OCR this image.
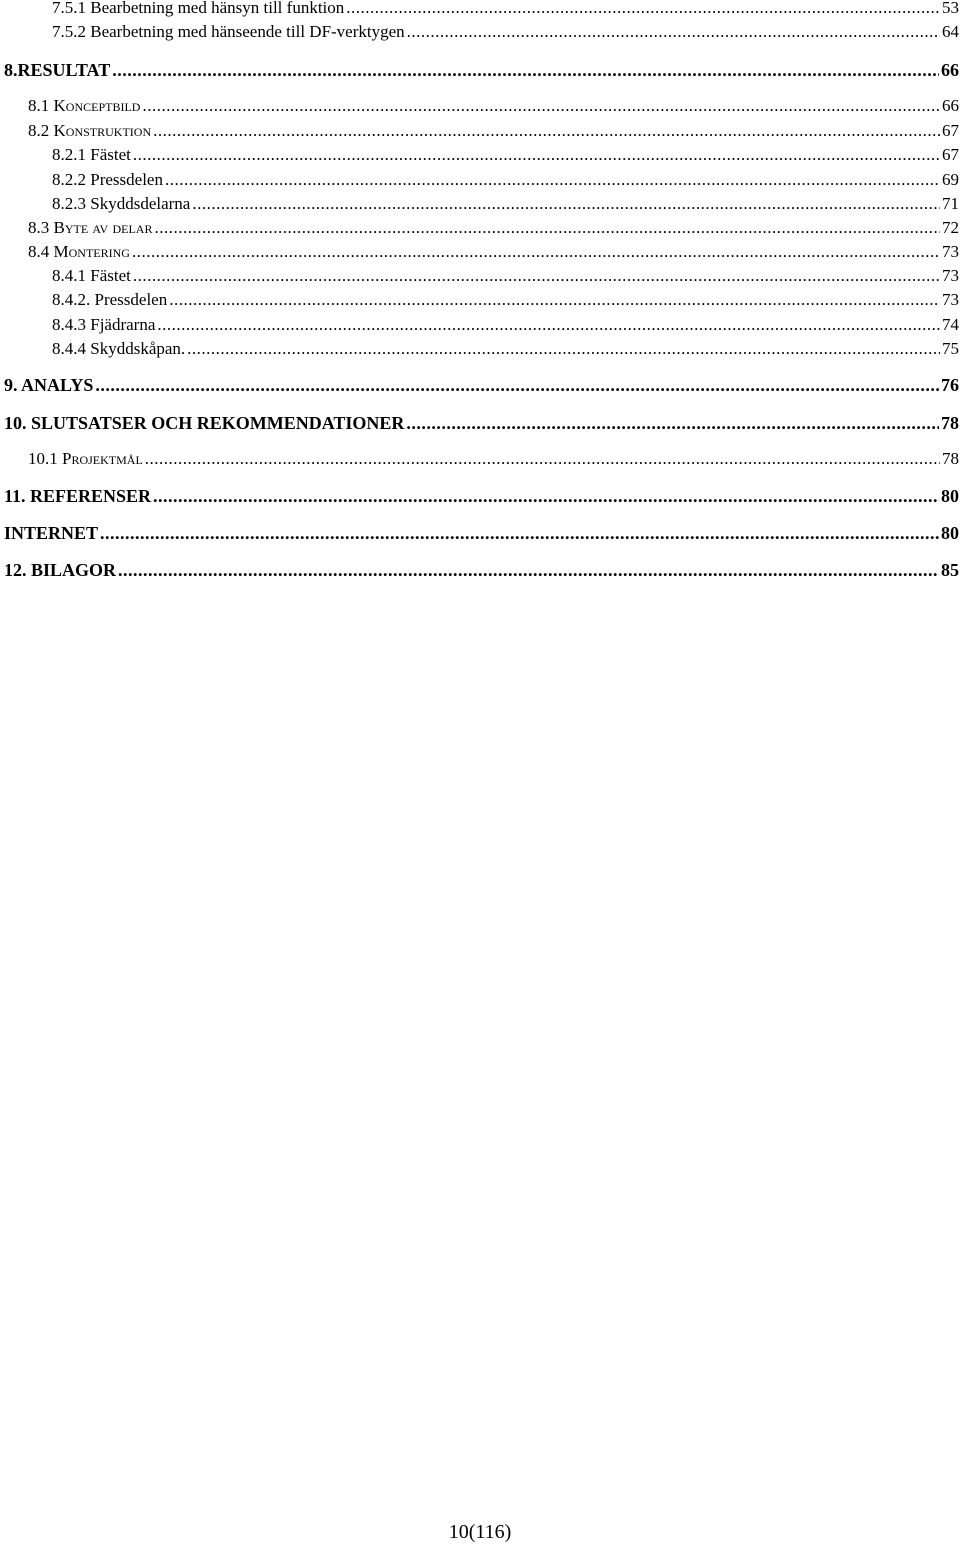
7.5.1 Bearbetning med hänsyn till funktion .....	53
7.5.2 Bearbetning med hänseende till DF-verktygen .....	64
8.RESULTAT .....	66
8.1 Konceptbild .....	66
8.2 Konstruktion .....	67
8.2.1 Fästet .....	67
8.2.2 Pressdelen .....	69
8.2.3 Skyddsdelarna .....	71
8.3 Byte av delar .....	72
8.4 Montering .....	73
8.4.1 Fästet .....	73
8.4.2. Pressdelen .....	73
8.4.3 Fjädrarna .....	74
8.4.4 Skyddskåpan. .....	75
9. ANALYS .....	76
10. SLUTSATSER OCH REKOMMENDATIONER .....	78
10.1 Projektmål .....	78
11. REFERENSER .....	80
INTERNET .....	80
12. BILAGOR .....	85
10(116)
